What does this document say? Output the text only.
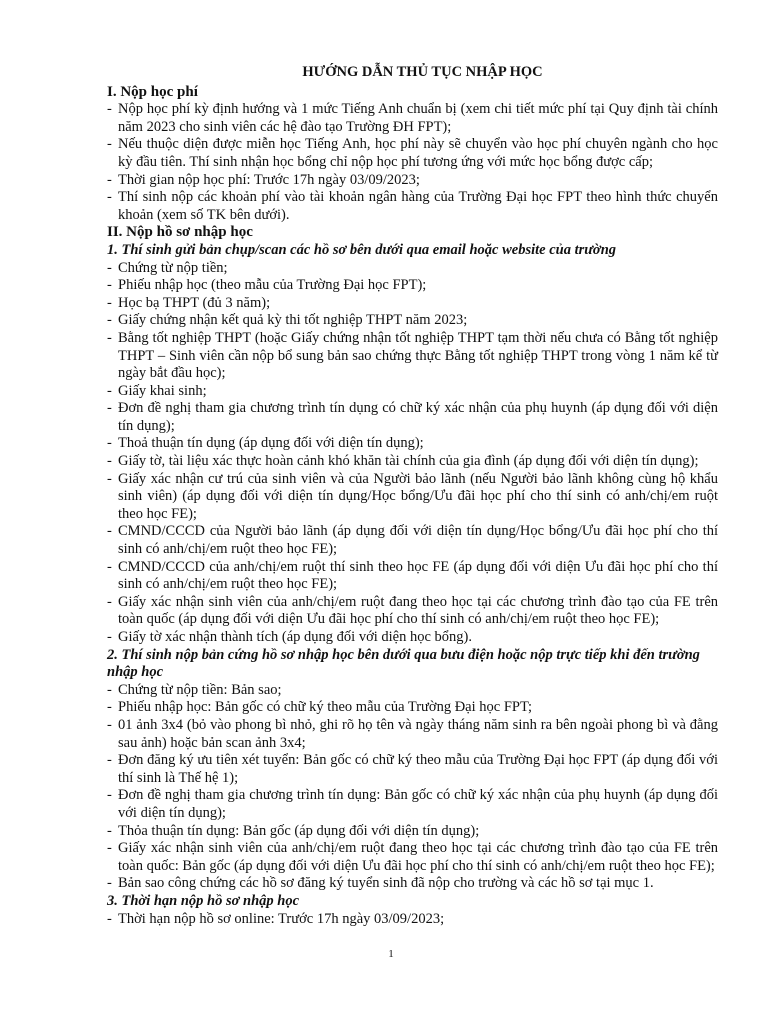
HƯỚNG DẪN THỦ TỤC NHẬP HỌC
I. Nộp học phí
- Nộp học phí kỳ định hướng và 1 mức Tiếng Anh chuẩn bị (xem chi tiết mức phí tại Quy định tài chính năm 2023 cho sinh viên các hệ đào tạo Trường ĐH FPT);
- Nếu thuộc diện được miễn học Tiếng Anh, học phí này sẽ chuyển vào học phí chuyên ngành cho học kỳ đầu tiên. Thí sinh nhận học bổng chỉ nộp học phí tương ứng với mức học bổng được cấp;
- Thời gian nộp học phí: Trước 17h ngày 03/09/2023;
- Thí sinh nộp các khoản phí vào tài khoản ngân hàng của Trường Đại học FPT theo hình thức chuyển khoản (xem số TK bên dưới).
II. Nộp hồ sơ nhập học
1. Thí sinh gửi bản chụp/scan các hồ sơ bên dưới qua email hoặc website của trường
- Chứng từ nộp tiền;
- Phiếu nhập học (theo mẫu của Trường Đại học FPT);
- Học bạ THPT (đủ 3 năm);
- Giấy chứng nhận kết quả kỳ thi tốt nghiệp THPT năm 2023;
- Bằng tốt nghiệp THPT (hoặc Giấy chứng nhận tốt nghiệp THPT tạm thời nếu chưa có Bằng tốt nghiệp THPT – Sinh viên cần nộp bổ sung bản sao chứng thực Bằng tốt nghiệp THPT trong vòng 1 năm kể từ ngày bắt đầu học);
- Giấy khai sinh;
- Đơn đề nghị tham gia chương trình tín dụng có chữ ký xác nhận của phụ huynh (áp dụng đối với diện tín dụng);
- Thoả thuận tín dụng (áp dụng đối với diện tín dụng);
- Giấy tờ, tài liệu xác thực hoàn cảnh khó khăn tài chính của gia đình (áp dụng đối với diện tín dụng);
- Giấy xác nhận cư trú của sinh viên và của Người bảo lãnh (nếu Người bảo lãnh không cùng hộ khẩu sinh viên) (áp dụng đối với diện tín dụng/Học bổng/Ưu đãi học phí cho thí sinh có anh/chị/em ruột theo học FE);
- CMND/CCCD của Người bảo lãnh (áp dụng đối với diện tín dụng/Học bổng/Ưu đãi học phí cho thí sinh có anh/chị/em ruột theo học FE);
- CMND/CCCD của anh/chị/em ruột thí sinh theo học FE (áp dụng đối với diện Ưu đãi học phí cho thí sinh có anh/chị/em ruột theo học FE);
- Giấy xác nhận sinh viên của anh/chị/em ruột đang theo học tại các chương trình đào tạo của FE trên toàn quốc (áp dụng đối với diện Ưu đãi học phí cho thí sinh có anh/chị/em ruột theo học FE);
- Giấy tờ xác nhận thành tích (áp dụng đối với diện học bổng).
2. Thí sinh nộp bản cứng hồ sơ nhập học bên dưới qua bưu điện hoặc nộp trực tiếp khi đến trường nhập học
- Chứng từ nộp tiền: Bản sao;
- Phiếu nhập học: Bản gốc có chữ ký theo mẫu của Trường Đại học FPT;
- 01 ảnh 3x4 (bỏ vào phong bì nhỏ, ghi rõ họ tên và ngày tháng năm sinh ra bên ngoài phong bì và đằng sau ảnh) hoặc bản scan ảnh 3x4;
- Đơn đăng ký ưu tiên xét tuyển: Bản gốc có chữ ký theo mẫu của Trường Đại học FPT (áp dụng đối với thí sinh là Thế hệ 1);
- Đơn đề nghị tham gia chương trình tín dụng: Bản gốc có chữ ký xác nhận của phụ huynh (áp dụng đối với diện tín dụng);
- Thỏa thuận tín dụng: Bản gốc (áp dụng đối với diện tín dụng);
- Giấy xác nhận sinh viên của anh/chị/em ruột đang theo học tại các chương trình đào tạo của FE trên toàn quốc: Bản gốc (áp dụng đối với diện Ưu đãi học phí cho thí sinh có anh/chị/em ruột theo học FE);
- Bản sao công chứng các hồ sơ đăng ký tuyển sinh đã nộp cho trường và các hồ sơ tại mục 1.
3. Thời hạn nộp hồ sơ nhập học
- Thời hạn nộp hồ sơ online: Trước 17h ngày 03/09/2023;
1
